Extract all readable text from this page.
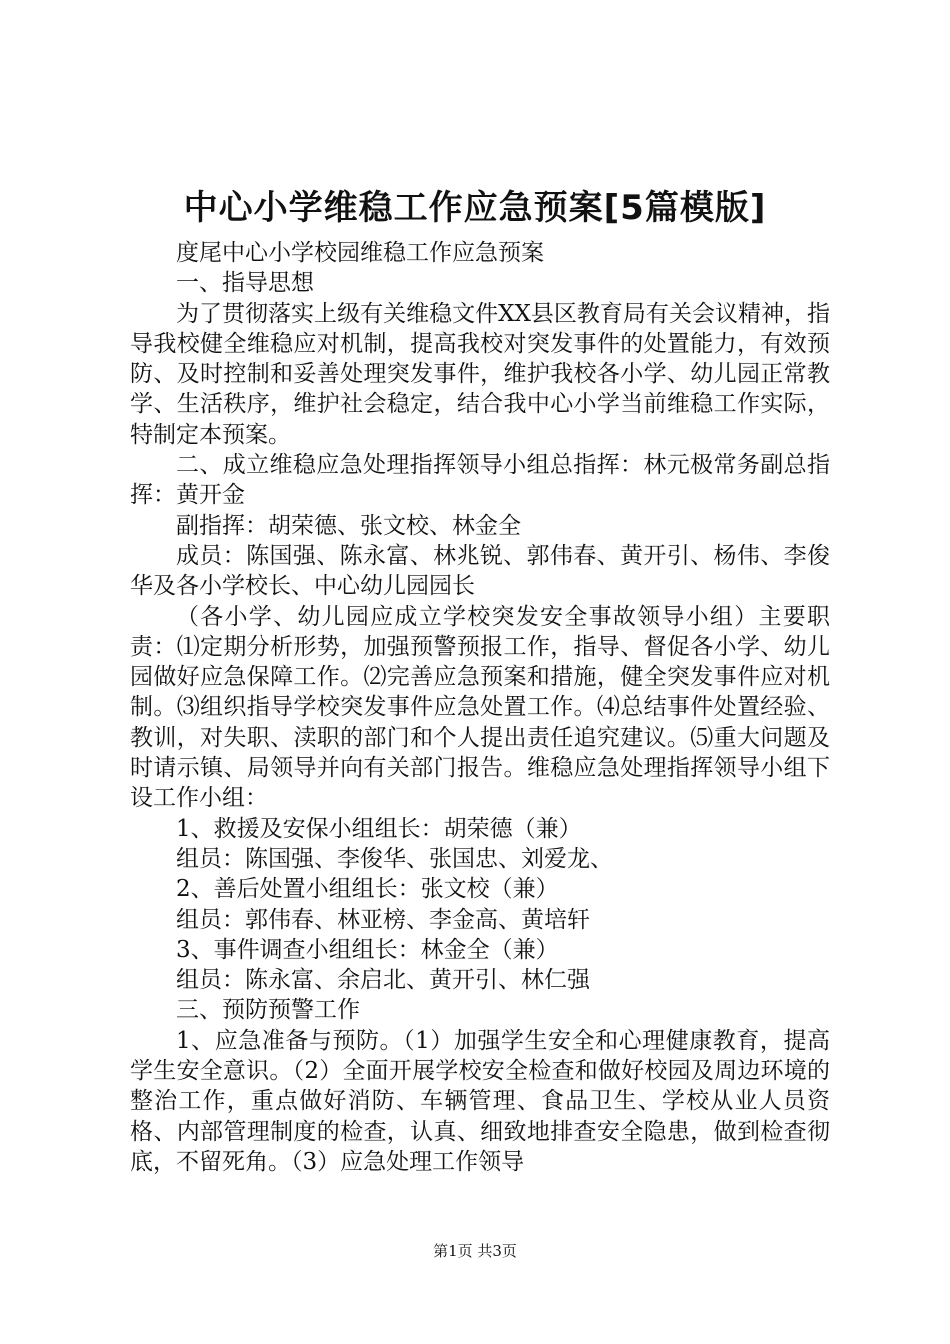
中心小学维稳工作应急预案[5篇模版]

度尾中心小学校园维稳工作应急预案

一、指导思想

为了贯彻落实上级有关维稳文件XX县区教育局有关会议精神，指导我校健全维稳应对机制，提高我校对突发事件的处置能力，有效预防、及时控制和妥善处理突发事件，维护我校各小学、幼儿园正常教学、生活秩序，维护社会稳定，结合我中心小学当前维稳工作实际，特制定本预案。

二、成立维稳应急处理指挥领导小组总指挥：林元极常务副总指挥：黄开金

副指挥：胡荣德、张文校、林金全

成员：陈国强、陈永富、林兆锐、郭伟春、黄开引、杨伟、李俊华及各小学校长、中心幼儿园园长

（各小学、幼儿园应成立学校突发安全事故领导小组）主要职责：⑴定期分析形势，加强预警预报工作，指导、督促各小学、幼儿园做好应急保障工作。⑵完善应急预案和措施，健全突发事件应对机制。⑶组织指导学校突发事件应急处置工作。⑷总结事件处置经验、教训，对失职、渎职的部门和个人提出责任追究建议。⑸重大问题及时请示镇、局领导并向有关部门报告。维稳应急处理指挥领导小组下设工作小组：

1、救援及安保小组组长：胡荣德（兼）

组员：陈国强、李俊华、张国忠、刘爱龙、

2、善后处置小组组长：张文校（兼）

组员：郭伟春、林亚榜、李金高、黄培轩

3、事件调查小组组长：林金全（兼）

组员：陈永富、余启北、黄开引、林仁强

三、预防预警工作

1、应急准备与预防。（1）加强学生安全和心理健康教育，提高学生安全意识。（2）全面开展学校安全检查和做好校园及周边环境的整治工作，重点做好消防、车辆管理、食品卫生、学校从业人员资格、内部管理制度的检查，认真、细致地排查安全隐患，做到检查彻底，不留死角。（3）应急处理工作领导

第1页 共3页
